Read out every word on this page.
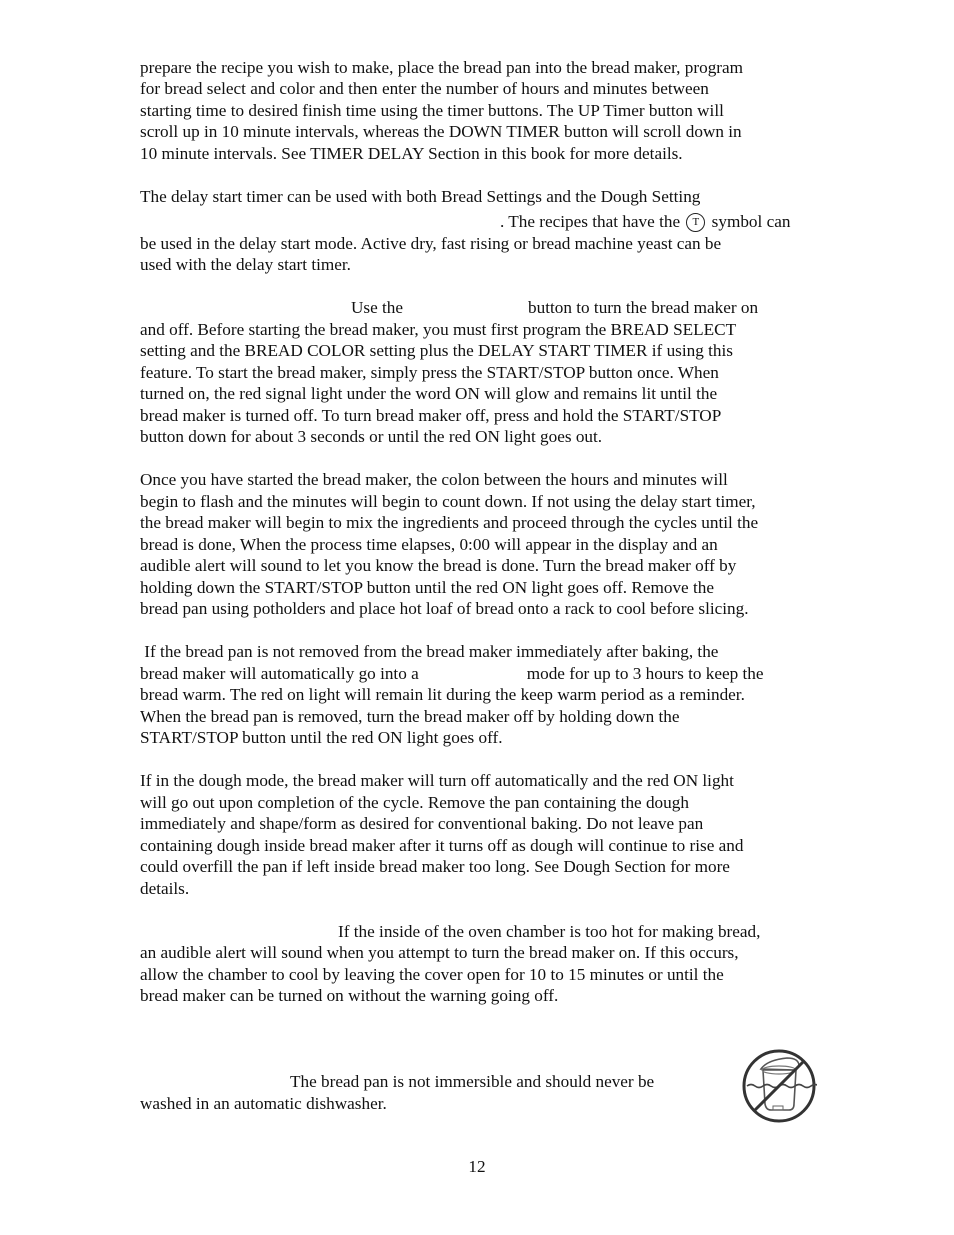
prepare the recipe you wish to make, place the bread pan into the bread maker, program
for bread select and color and then enter the number of hours and minutes between
starting time to desired finish time using the timer buttons. The UP Timer button will
scroll up in 10 minute intervals, whereas the DOWN TIMER button will scroll down in
10 minute intervals. See TIMER DELAY Section in this book for more details.
The delay start timer can be used with both Bread Settings and the Dough Setting
. The recipes that have the T symbol can
be used in the delay start mode. Active dry, fast rising or bread machine yeast can be
used with the delay start timer.
Use the	button to turn the bread maker on
and off. Before starting the bread maker, you must first program the BREAD SELECT
setting and the BREAD COLOR setting plus the DELAY START TIMER if using this
feature. To start the bread maker, simply press the START/STOP button once. When
turned on, the red signal light under the word ON will glow and remains lit until the
bread maker is turned off. To turn bread maker off, press and hold the START/STOP
button down for about 3 seconds or until the red ON light goes out.
Once you have started the bread maker, the colon between the hours and minutes will
begin to flash and the minutes will begin to count down. If not using the delay start timer,
the bread maker will begin to mix the ingredients and proceed through the cycles until the
bread is done, When the process time elapses, 0:00 will appear in the display and an
audible alert will sound to let you know the bread is done. Turn the bread maker off by
holding down the START/STOP button until the red ON light goes off. Remove the
bread pan using potholders and place hot loaf of bread onto a rack to cool before slicing.
If the bread pan is not removed from the bread maker immediately after baking, the
bread maker will automatically go into a	mode for up to 3 hours to keep the
bread warm. The red on light will remain lit during the keep warm period as a reminder.
When the bread pan is removed, turn the bread maker off by holding down the
START/STOP button until the red ON light goes off.
If in the dough mode, the bread maker will turn off automatically and the red ON light
will go out upon completion of the cycle. Remove the pan containing the dough
immediately and shape/form as desired for conventional baking. Do not leave pan
containing dough inside bread maker after it turns off as dough will continue to rise and
could overfill the pan if left inside bread maker too long. See Dough Section for more
details.
If the inside of the oven chamber is too hot for making bread,
an audible alert will sound when you attempt to turn the bread maker on. If this occurs,
allow the chamber to cool by leaving the cover open for 10 to 15 minutes or until the
bread maker can be turned on without the warning going off.
The bread pan is not immersible and should never be
washed in an automatic dishwasher.
12
